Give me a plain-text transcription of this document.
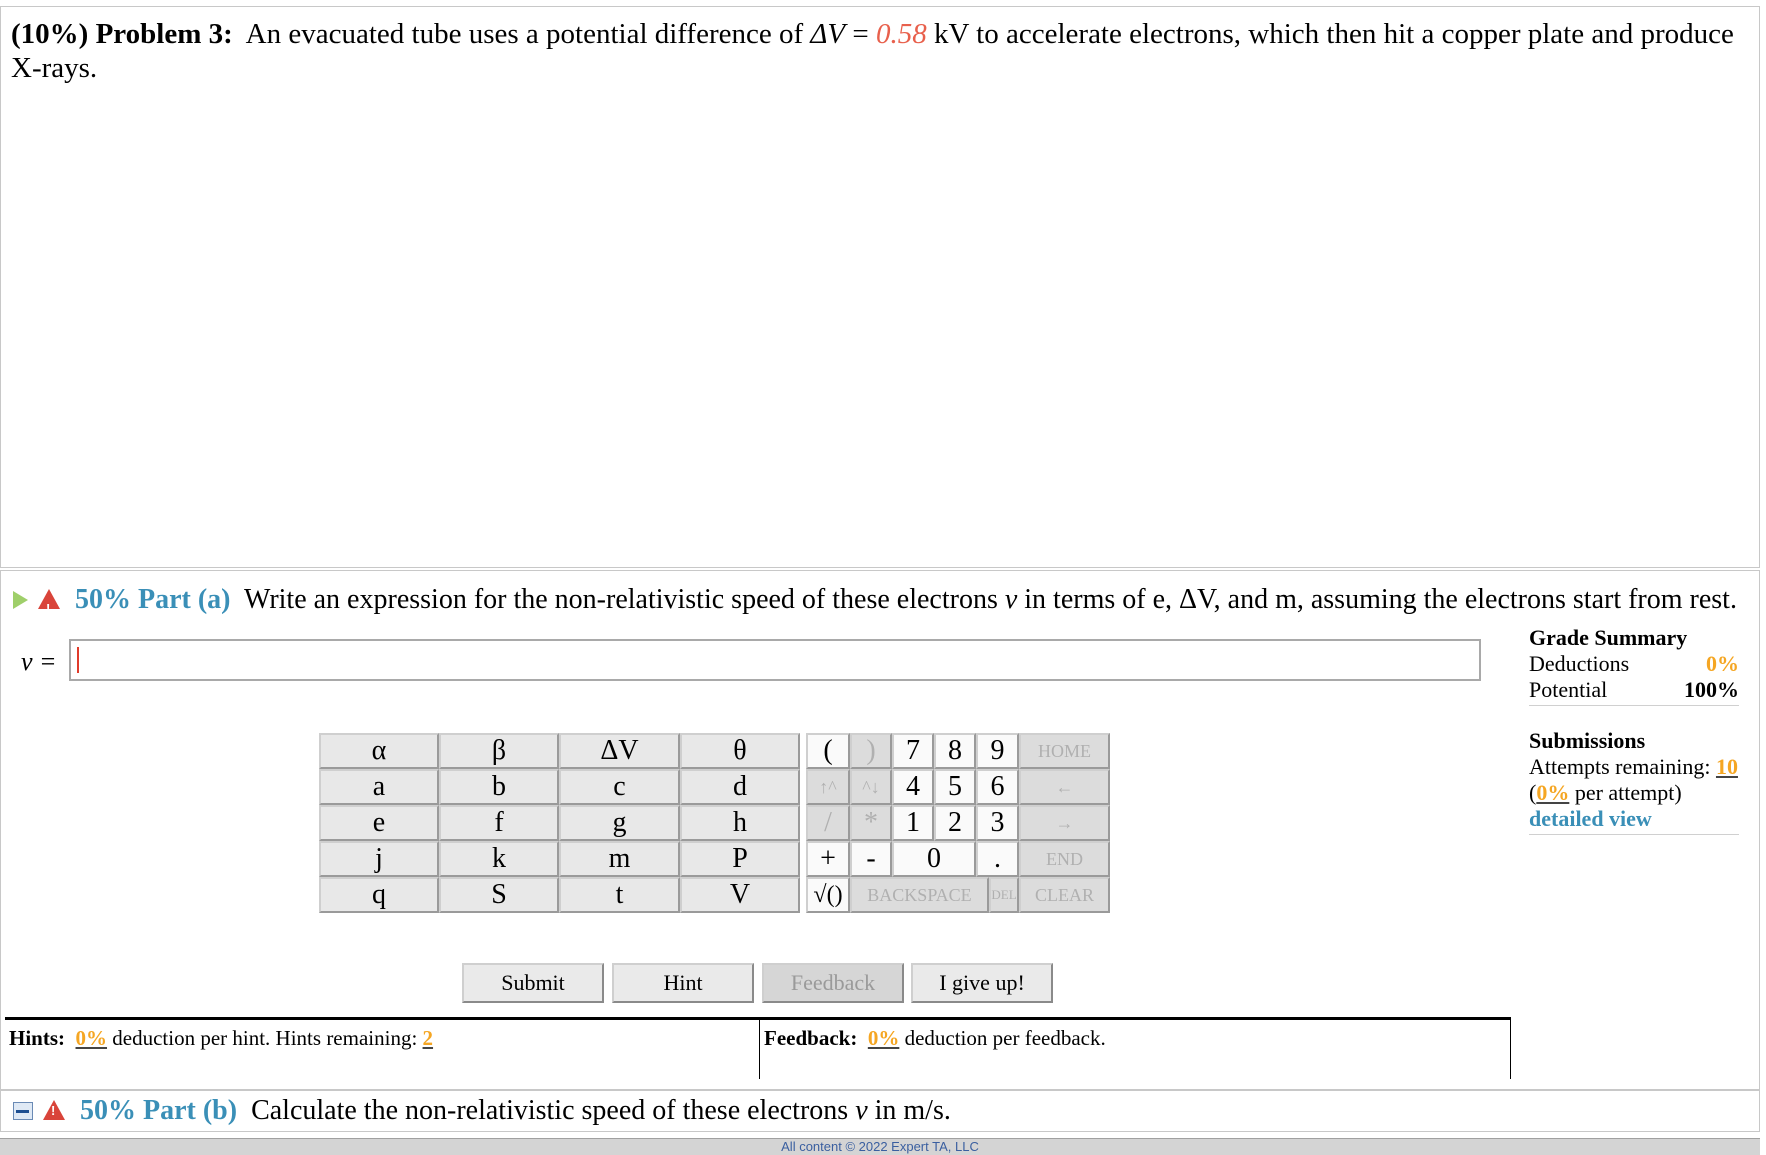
(10%) Problem 3: An evacuated tube uses a potential difference of ΔV = 0.58 kV to accelerate electrons, which then hit a copper plate and produce X-rays.
! 50% Part (a) Write an expression for the non-relativistic speed of these electrons v in terms of e, ΔV, and m, assuming the electrons start from rest.
v =
Grade Summary
Deductions	0%
Potential	100%
Submissions
Attempts remaining: 10
(0% per attempt)
detailed view
α	β	ΔV	θ
a	b	c	d
e	f	g	h
j	k	m	P
q	S	t	V
(	)	7	8	9	HOME
↑^	^↓ 4	5	6	←
/	*	1	2	3	→
+	-	0	.	END
√()	BACKSPACE	DEL	CLEAR
Submit	Hint	Feedback	I give up!
Hints: 0% deduction per hint. Hints remaining: 2	Feedback: 0% deduction per feedback.
! 50% Part (b) Calculate the non-relativistic speed of these electrons v in m/s.
All content © 2022 Expert TA, LLC
